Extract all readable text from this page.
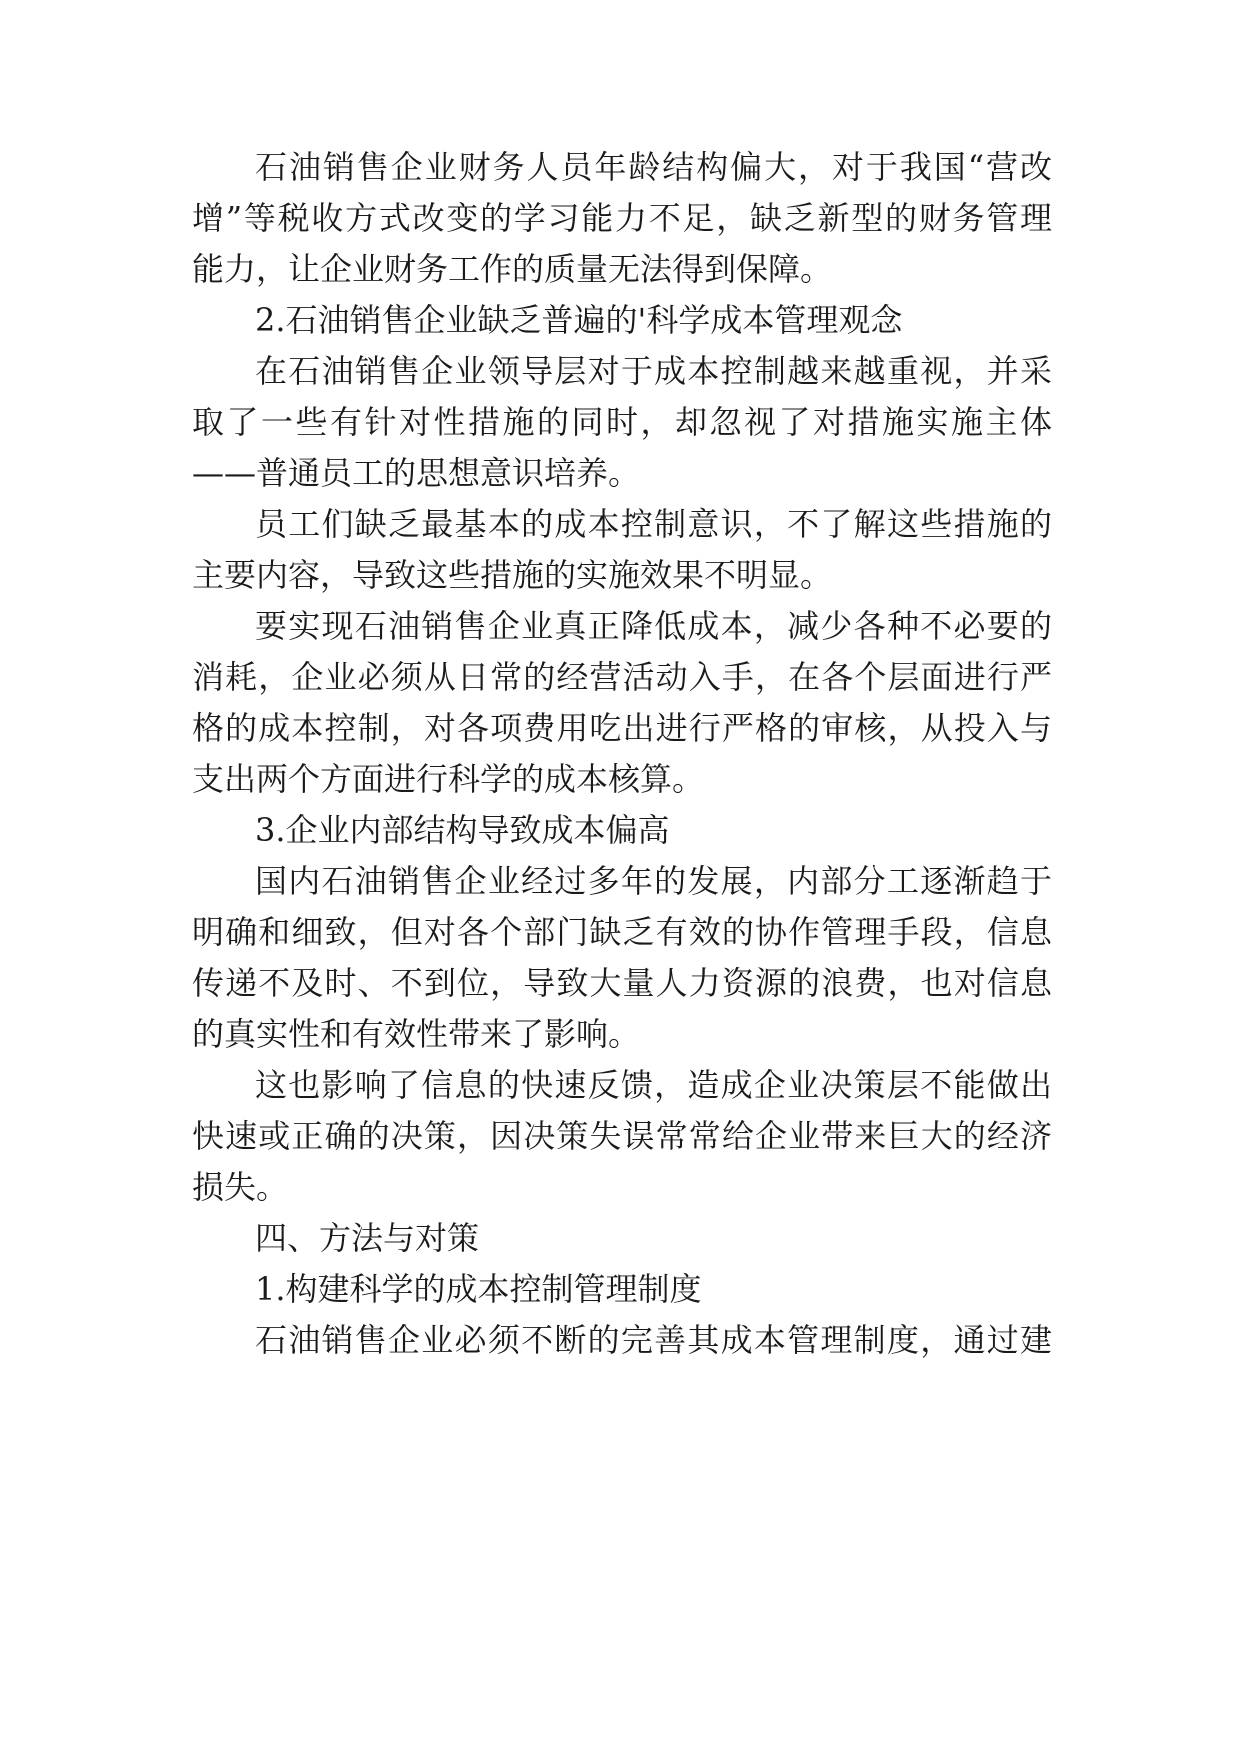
石油销售企业财务人员年龄结构偏大，对于我国“营改
增”等税收方式改变的学习能力不足，缺乏新型的财务管理
能力，让企业财务工作的质量无法得到保障。
2.石油销售企业缺乏普遍的'科学成本管理观念
在石油销售企业领导层对于成本控制越来越重视，并采
取了一些有针对性措施的同时，却忽视了对措施实施主体
——普通员工的思想意识培养。
员工们缺乏最基本的成本控制意识，不了解这些措施的
主要内容，导致这些措施的实施效果不明显。
要实现石油销售企业真正降低成本，减少各种不必要的
消耗，企业必须从日常的经营活动入手，在各个层面进行严
格的成本控制，对各项费用吃出进行严格的审核，从投入与
支出两个方面进行科学的成本核算。
3.企业内部结构导致成本偏高
国内石油销售企业经过多年的发展，内部分工逐渐趋于
明确和细致，但对各个部门缺乏有效的协作管理手段，信息
传递不及时、不到位，导致大量人力资源的浪费，也对信息
的真实性和有效性带来了影响。
这也影响了信息的快速反馈，造成企业决策层不能做出
快速或正确的决策，因决策失误常常给企业带来巨大的经济
损失。
四、方法与对策
1.构建科学的成本控制管理制度
石油销售企业必须不断的完善其成本管理制度，通过建
